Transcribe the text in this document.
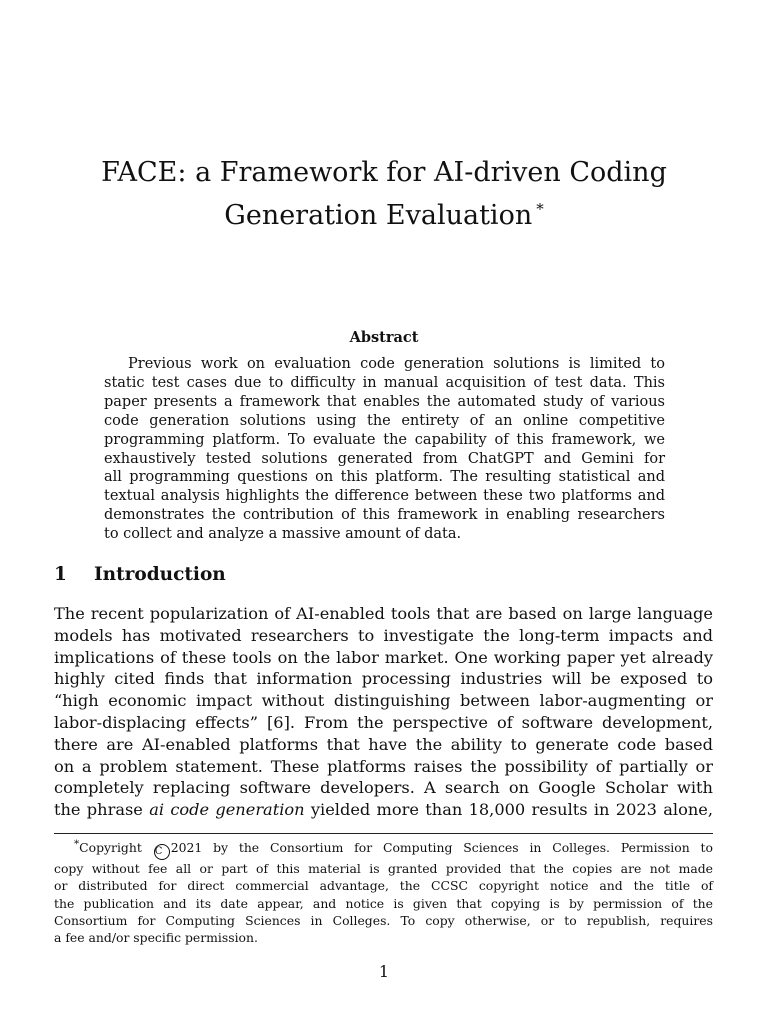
FACE: a Framework for AI-driven Coding
Generation Evaluation *
Abstract
Previous work on evaluation code generation solutions is limited to
static test cases due to difficulty in manual acquisition of test data. This
paper presents a framework that enables the automated study of various
code generation solutions using the entirety of an online competitive
programming platform. To evaluate the capability of this framework, we
exhaustively tested solutions generated from ChatGPT and Gemini for
all programming questions on this platform. The resulting statistical and
textual analysis highlights the difference between these two platforms and
demonstrates the contribution of this framework in enabling researchers
to collect and analyze a massive amount of data.
1 Introduction
The recent popularization of AI-enabled tools that are based on large language
models has motivated researchers to investigate the long-term impacts and
implications of these tools on the labor market. One working paper yet already
highly cited finds that information processing industries will be exposed to
“high economic impact without distinguishing between labor-augmenting or
labor-displacing effects” [6]. From the perspective of software development,
there are AI-enabled platforms that have the ability to generate code based
on a problem statement. These platforms raises the possibility of partially or
completely replacing software developers. A search on Google Scholar with
the phrase ai code generation yielded more than 18,000 results in 2023 alone,
*Copyright C 2021 by the Consortium for Computing Sciences in Colleges. Permission to
copy without fee all or part of this material is granted provided that the copies are not made
or distributed for direct commercial advantage, the CCSC copyright notice and the title of
the publication and its date appear, and notice is given that copying is by permission of the
Consortium for Computing Sciences in Colleges. To copy otherwise, or to republish, requires
a fee and/or specific permission.
1
